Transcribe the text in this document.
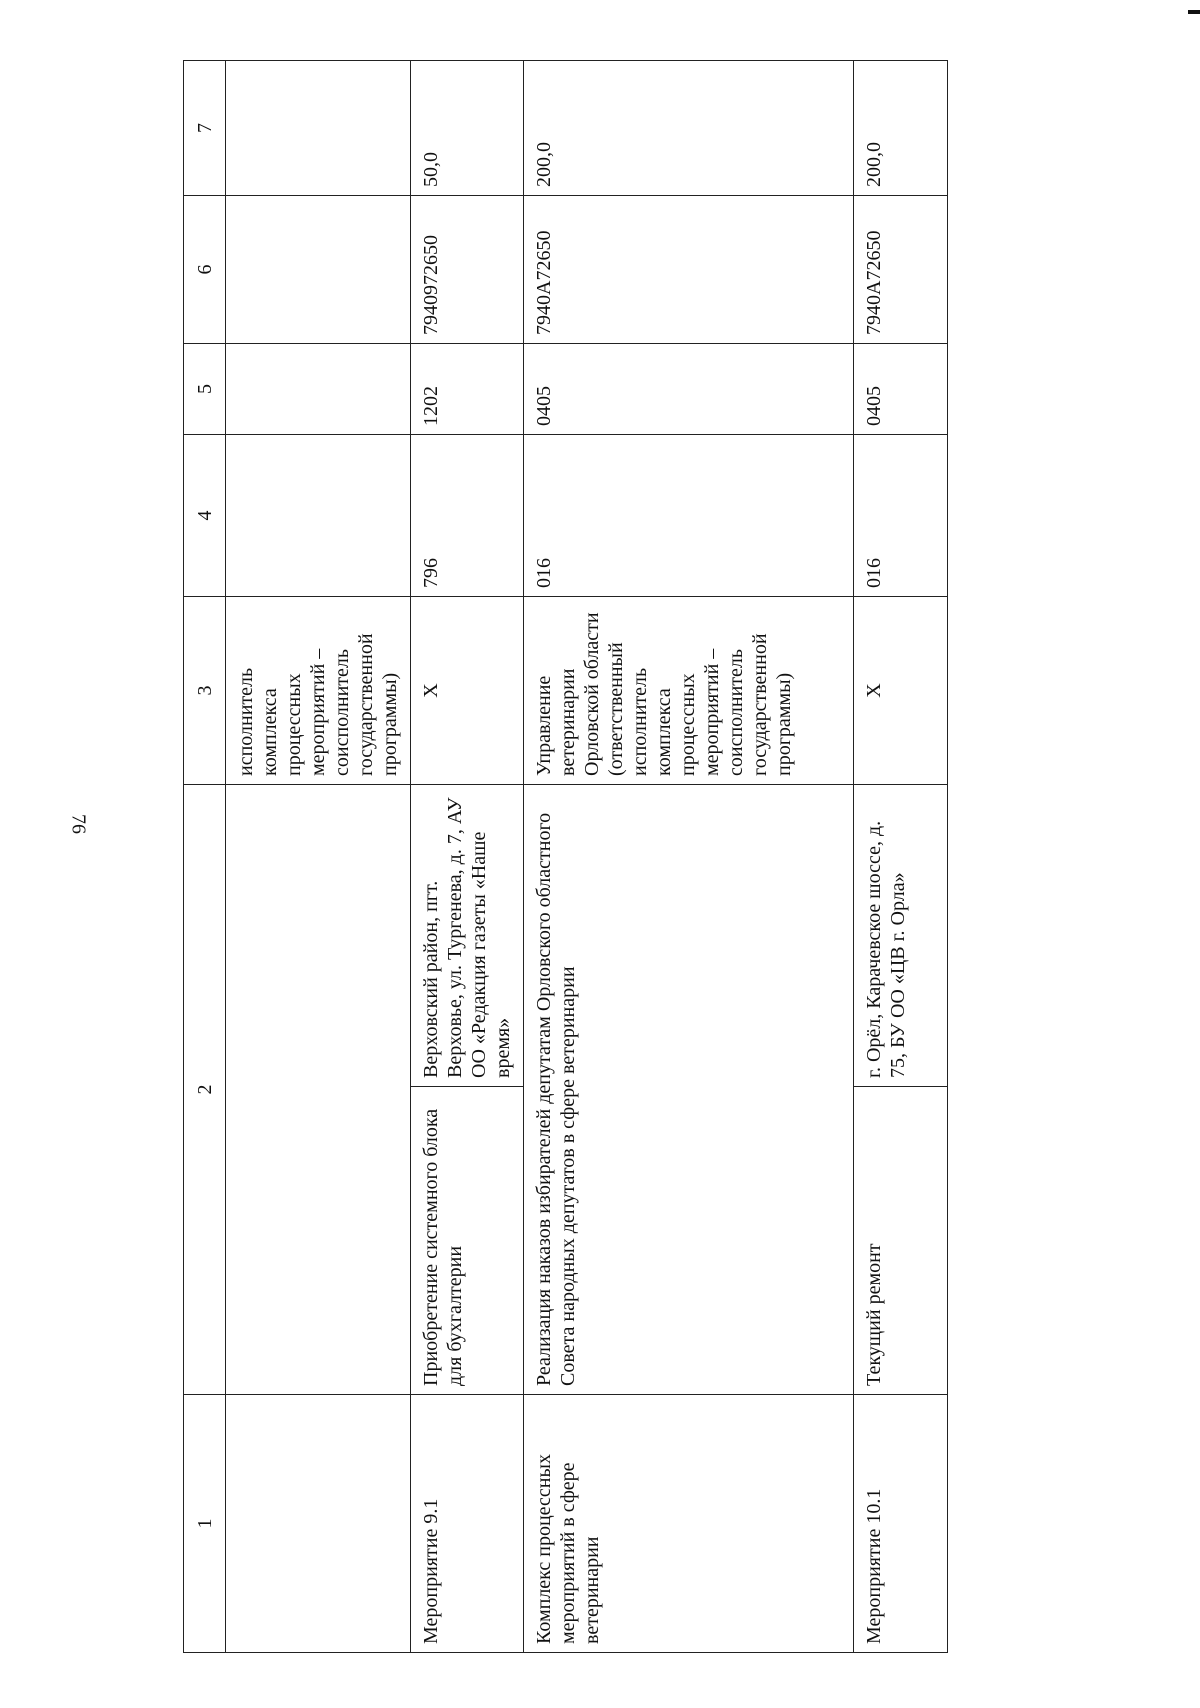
76
1	2		3	4	5	6	7
			исполнитель комплекса процессных мероприятий – соисполнитель государственной программы)				
Мероприятие 9.1	Приобретение системного блока для бухгалтерии	Верховский район, пгт. Верховье, ул. Тургенева, д. 7, АУ ОО «Редакция газеты «Наше время»	Х	796	1202	7940972650	50,0
Комплекс процессных мероприятий в сфере ветеринарии	Реализация наказов избирателей депутатам Орловского областного Совета народных депутатов в сфере ветеринарии		Управление ветеринарии Орловской области (ответственный исполнитель комплекса процессных мероприятий – соисполнитель государственной программы)	016	0405	7940А72650	200,0
Мероприятие 10.1	Текущий ремонт	г. Орёл, Карачевское шоссе, д. 75, БУ ОО «ЦВ г. Орла»	Х	016	0405	7940А72650	200,0
